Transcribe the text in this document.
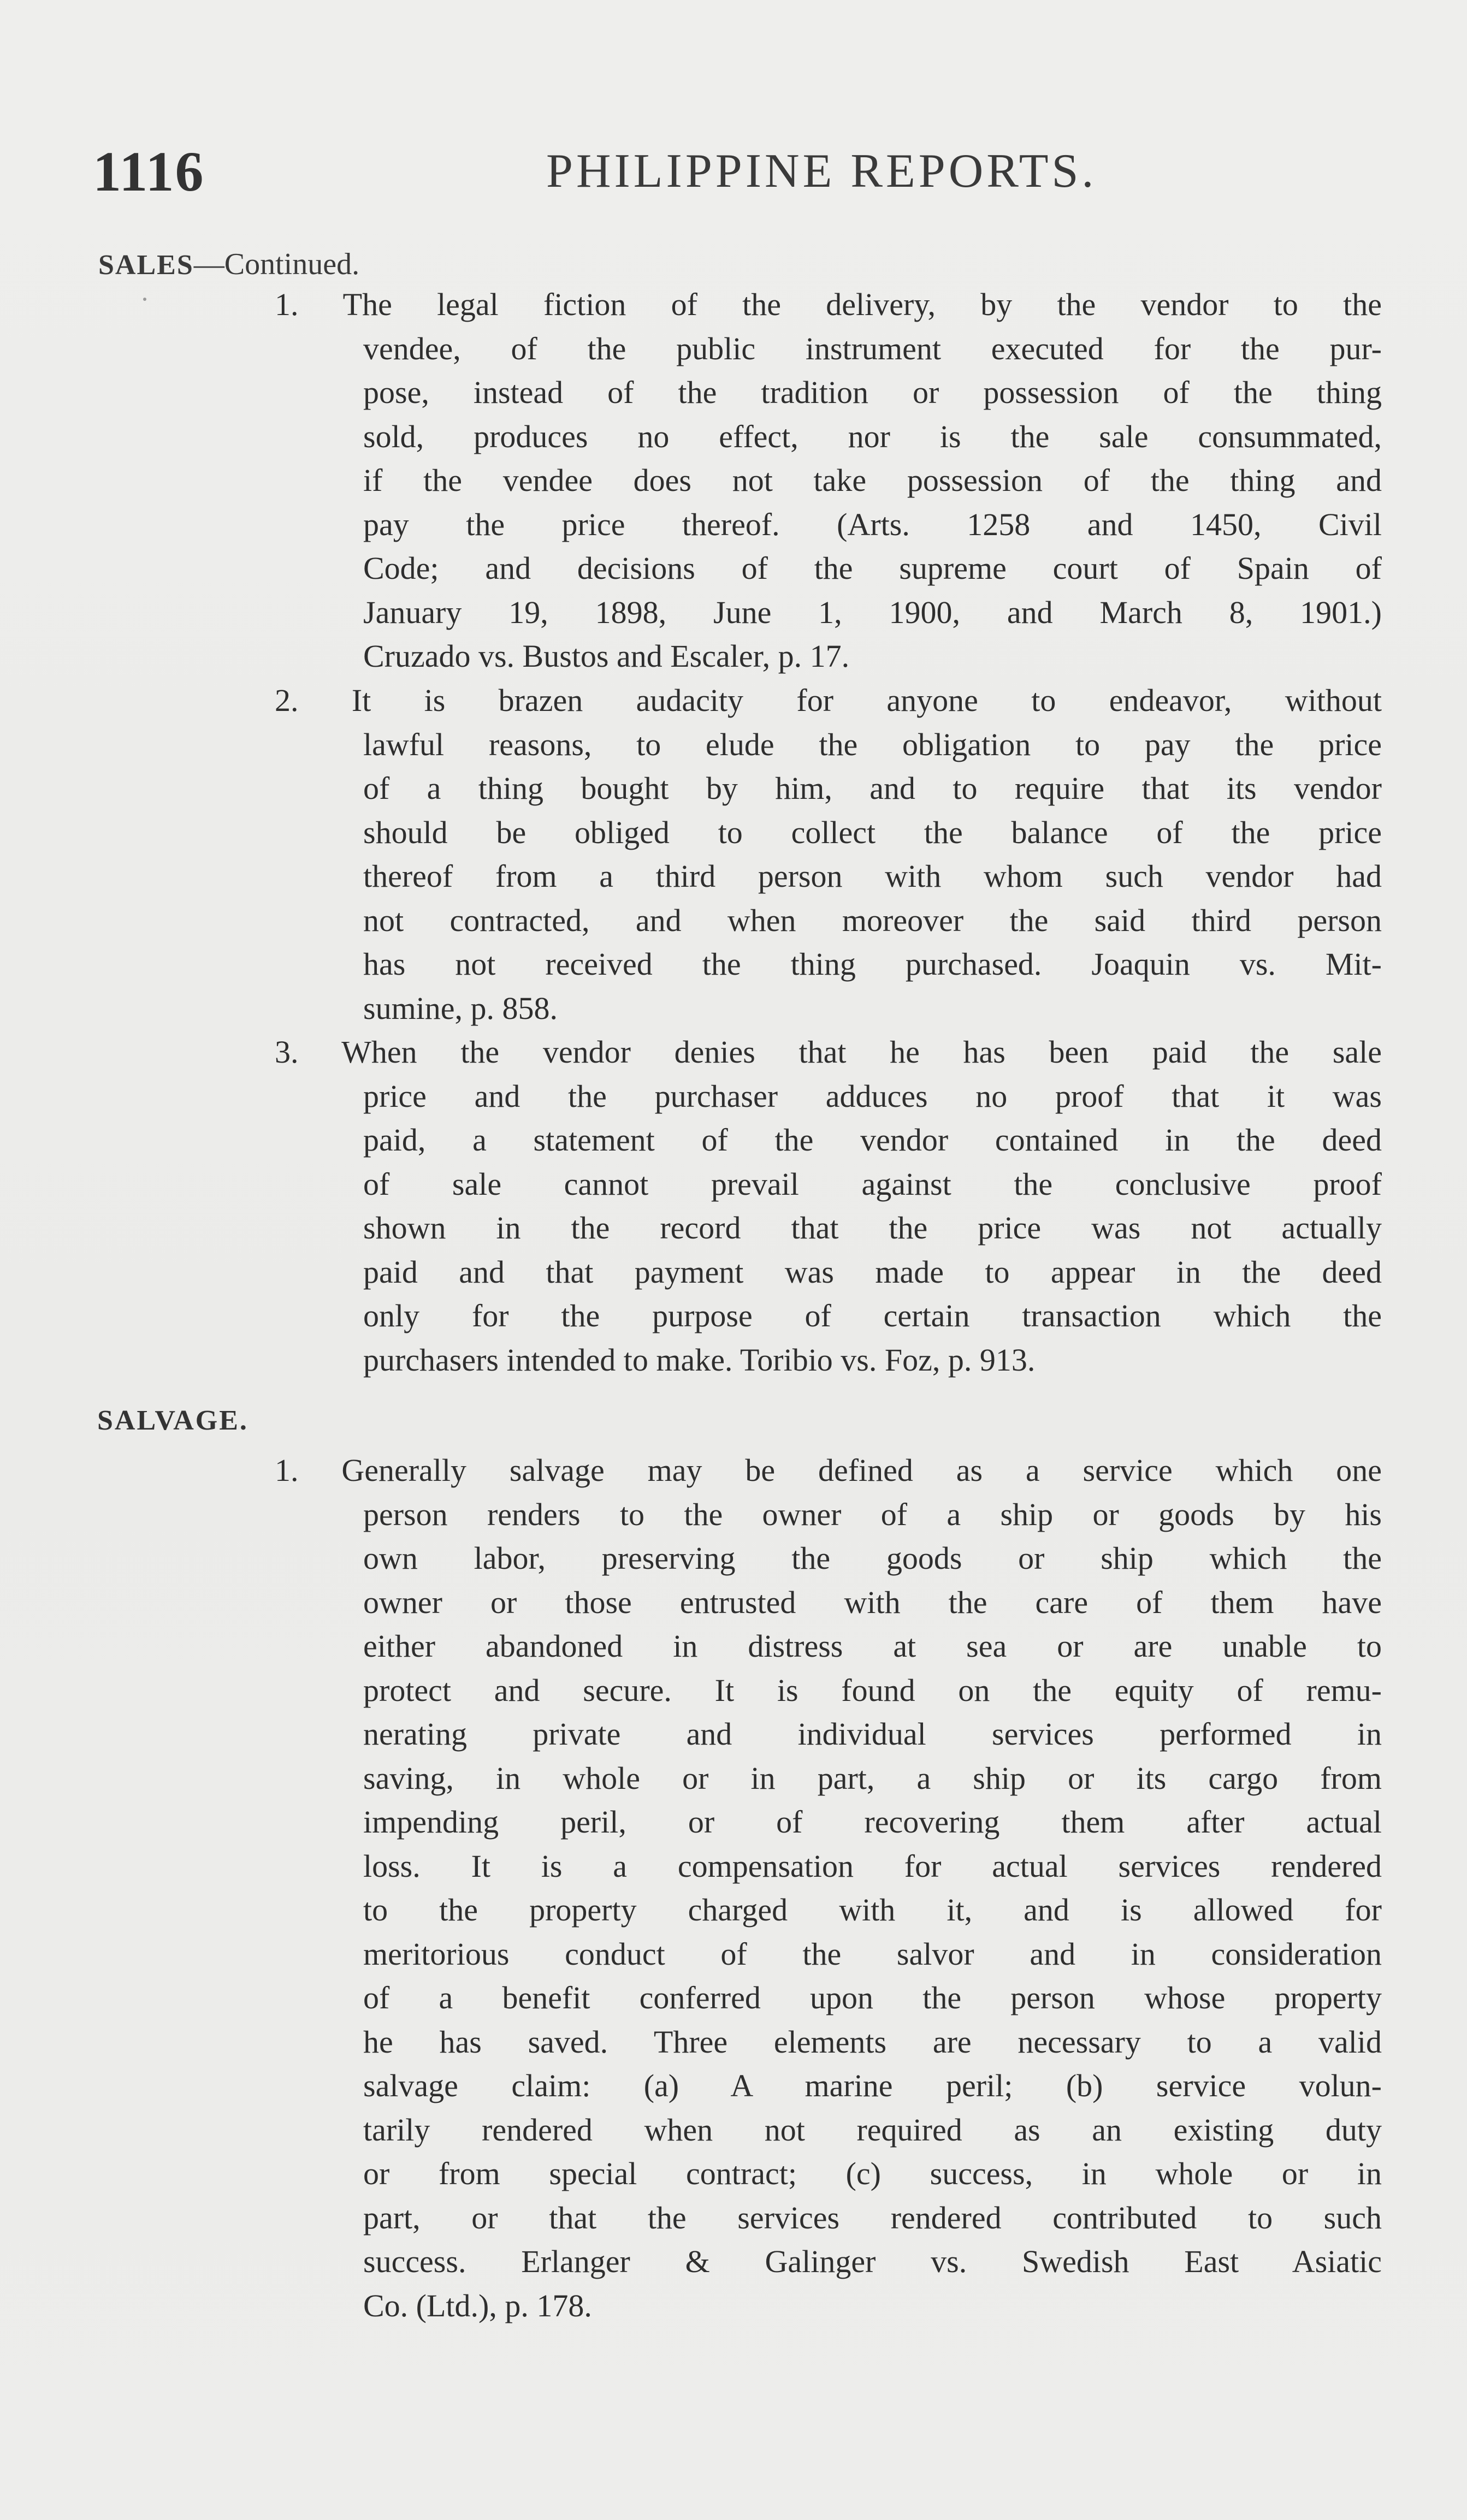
1116	PHILIPPINE REPORTS.
SALES—Continued.
1. The legal fiction of the delivery, by the vendor to the
vendee, of the public instrument executed for the pur-
pose, instead of the tradition or possession of the thing
sold, produces no effect, nor is the sale consummated,
if the vendee does not take possession of the thing and
pay the price thereof. (Arts. 1258 and 1450, Civil
Code; and decisions of the supreme court of Spain of
January 19, 1898, June 1, 1900, and March 8, 1901.)
Cruzado vs. Bustos and Escaler, p. 17.
2. It is brazen audacity for anyone to endeavor, without
lawful reasons, to elude the obligation to pay the price
of a thing bought by him, and to require that its vendor
should be obliged to collect the balance of the price
thereof from a third person with whom such vendor had
not contracted, and when moreover the said third person
has not received the thing purchased. Joaquin vs. Mit-
sumine, p. 858.
3. When the vendor denies that he has been paid the sale
price and the purchaser adduces no proof that it was
paid, a statement of the vendor contained in the deed
of sale cannot prevail against the conclusive proof
shown in the record that the price was not actually
paid and that payment was made to appear in the deed
only for the purpose of certain transaction which the
purchasers intended to make. Toribio vs. Foz, p. 913.
SALVAGE.
1. Generally salvage may be defined as a service which one
person renders to the owner of a ship or goods by his
own labor, preserving the goods or ship which the
owner or those entrusted with the care of them have
either abandoned in distress at sea or are unable to
protect and secure. It is found on the equity of remu-
nerating private and individual services performed in
saving, in whole or in part, a ship or its cargo from
impending peril, or of recovering them after actual
loss. It is a compensation for actual services rendered
to the property charged with it, and is allowed for
meritorious conduct of the salvor and in consideration
of a benefit conferred upon the person whose property
he has saved. Three elements are necessary to a valid
salvage claim: (a) A marine peril; (b) service volun-
tarily rendered when not required as an existing duty
or from special contract; (c) success, in whole or in
part, or that the services rendered contributed to such
success. Erlanger & Galinger vs. Swedish East Asiatic
Co. (Ltd.), p. 178.
